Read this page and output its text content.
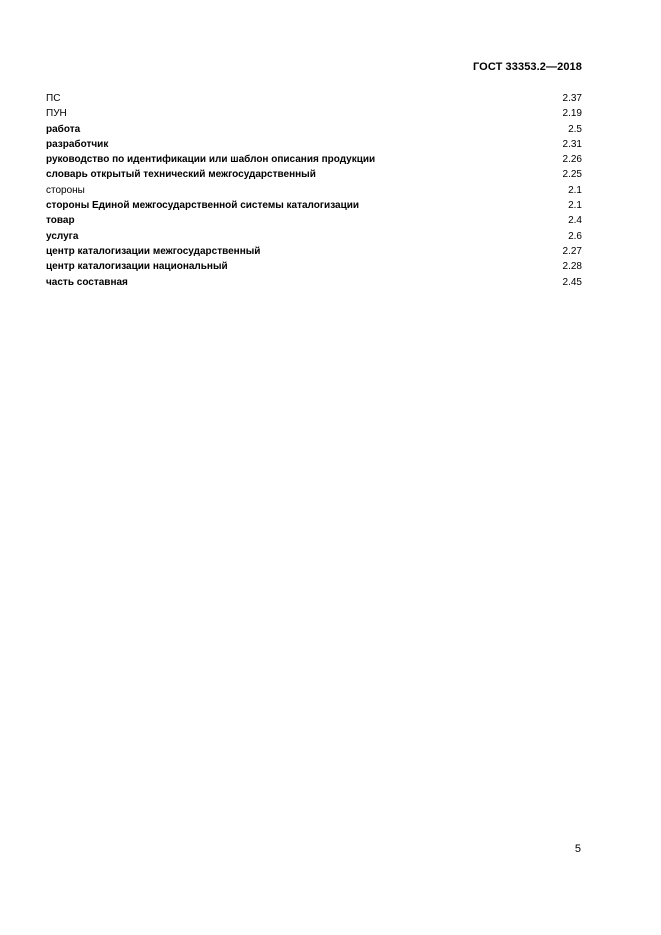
ГОСТ 33353.2—2018
ПС	2.37
ПУН	2.19
работа	2.5
разработчик	2.31
руководство по идентификации или шаблон описания продукции	2.26
словарь открытый технический межгосударственный	2.25
стороны	2.1
стороны Единой межгосударственной системы каталогизации	2.1
товар	2.4
услуга	2.6
центр каталогизации межгосударственный	2.27
центр каталогизации национальный	2.28
часть составная	2.45
5
